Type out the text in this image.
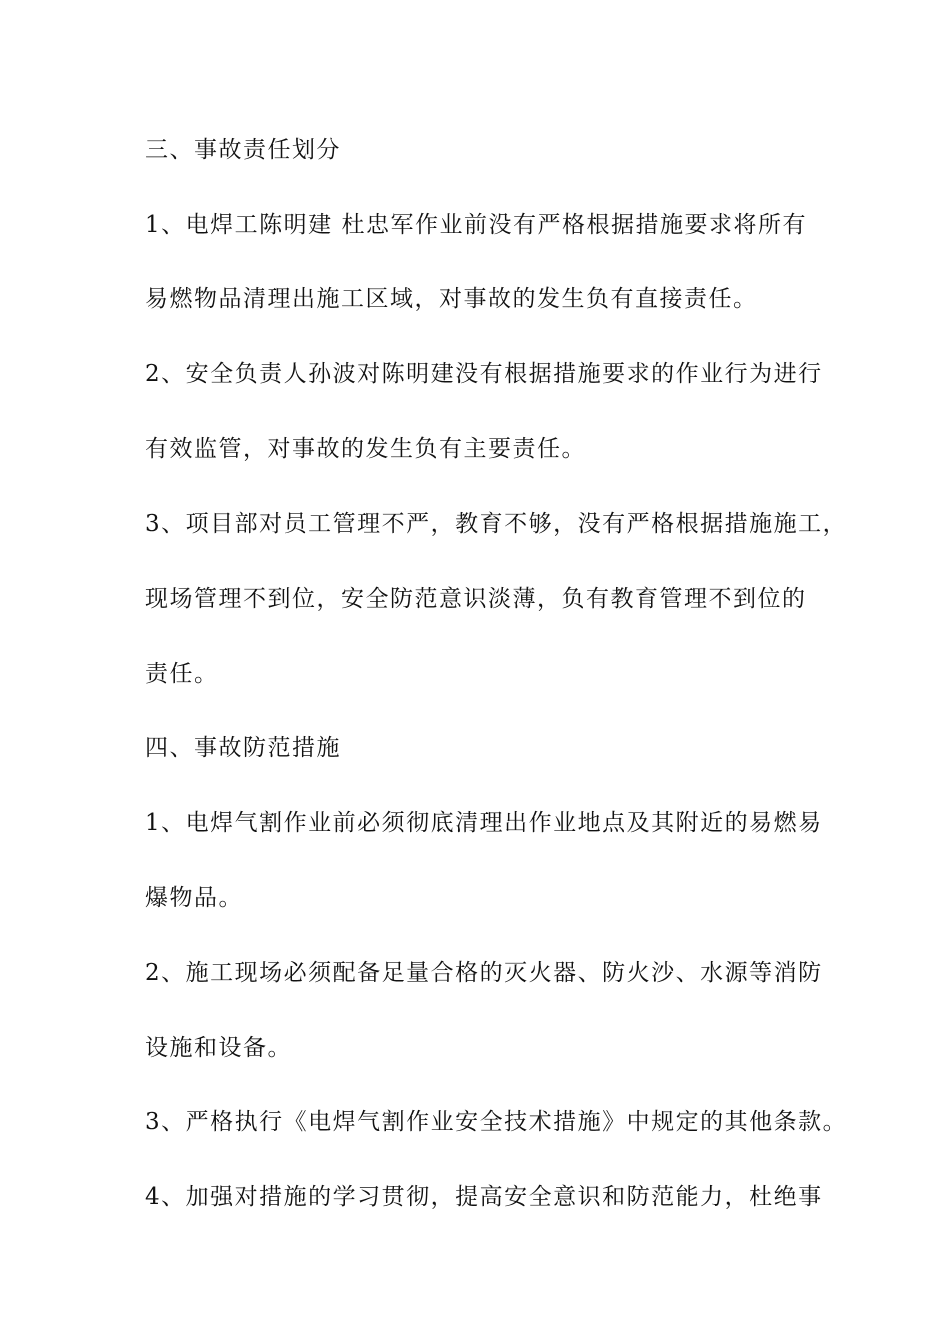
三、事故责任划分

1、电焊工陈明建 杜忠军作业前没有严格根据措施要求将所有

易燃物品清理出施工区域，对事故的发生负有直接责任。

2、安全负责人孙波对陈明建没有根据措施要求的作业行为进行

有效监管，对事故的发生负有主要责任。

3、项目部对员工管理不严，教育不够，没有严格根据措施施工，

现场管理不到位，安全防范意识淡薄，负有教育管理不到位的

责任。

四、事故防范措施

1、电焊气割作业前必须彻底清理出作业地点及其附近的易燃易

爆物品。

2、施工现场必须配备足量合格的灭火器、防火沙、水源等消防

设施和设备。

3、严格执行《电焊气割作业安全技术措施》中规定的其他条款。

4、加强对措施的学习贯彻，提高安全意识和防范能力，杜绝事
